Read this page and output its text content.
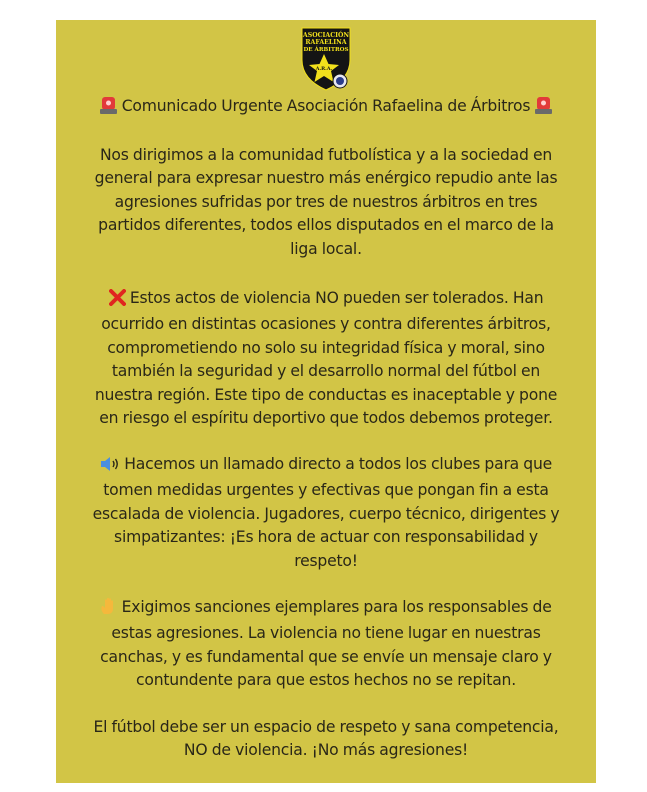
ASOCIACIÓN
RAFAELINA
DE ÁRBITROS
A.R.A.
Comunicado Urgente Asociación Rafaelina de Árbitros
Nos dirigimos a la comunidad futbolística y a la sociedad en
general para expresar nuestro más enérgico repudio ante las
agresiones sufridas por tres de nuestros árbitros en tres
partidos diferentes, todos ellos disputados en el marco de la
liga local.
Estos actos de violencia NO pueden ser tolerados. Han
ocurrido en distintas ocasiones y contra diferentes árbitros,
comprometiendo no solo su integridad física y moral, sino
también la seguridad y el desarrollo normal del fútbol en
nuestra región. Este tipo de conductas es inaceptable y pone
en riesgo el espíritu deportivo que todos debemos proteger.
Hacemos un llamado directo a todos los clubes para que
tomen medidas urgentes y efectivas que pongan fin a esta
escalada de violencia. Jugadores, cuerpo técnico, dirigentes y
simpatizantes: ¡Es hora de actuar con responsabilidad y
respeto!
Exigimos sanciones ejemplares para los responsables de
estas agresiones. La violencia no tiene lugar en nuestras
canchas, y es fundamental que se envíe un mensaje claro y
contundente para que estos hechos no se repitan.
El fútbol debe ser un espacio de respeto y sana competencia,
NO de violencia. ¡No más agresiones!
